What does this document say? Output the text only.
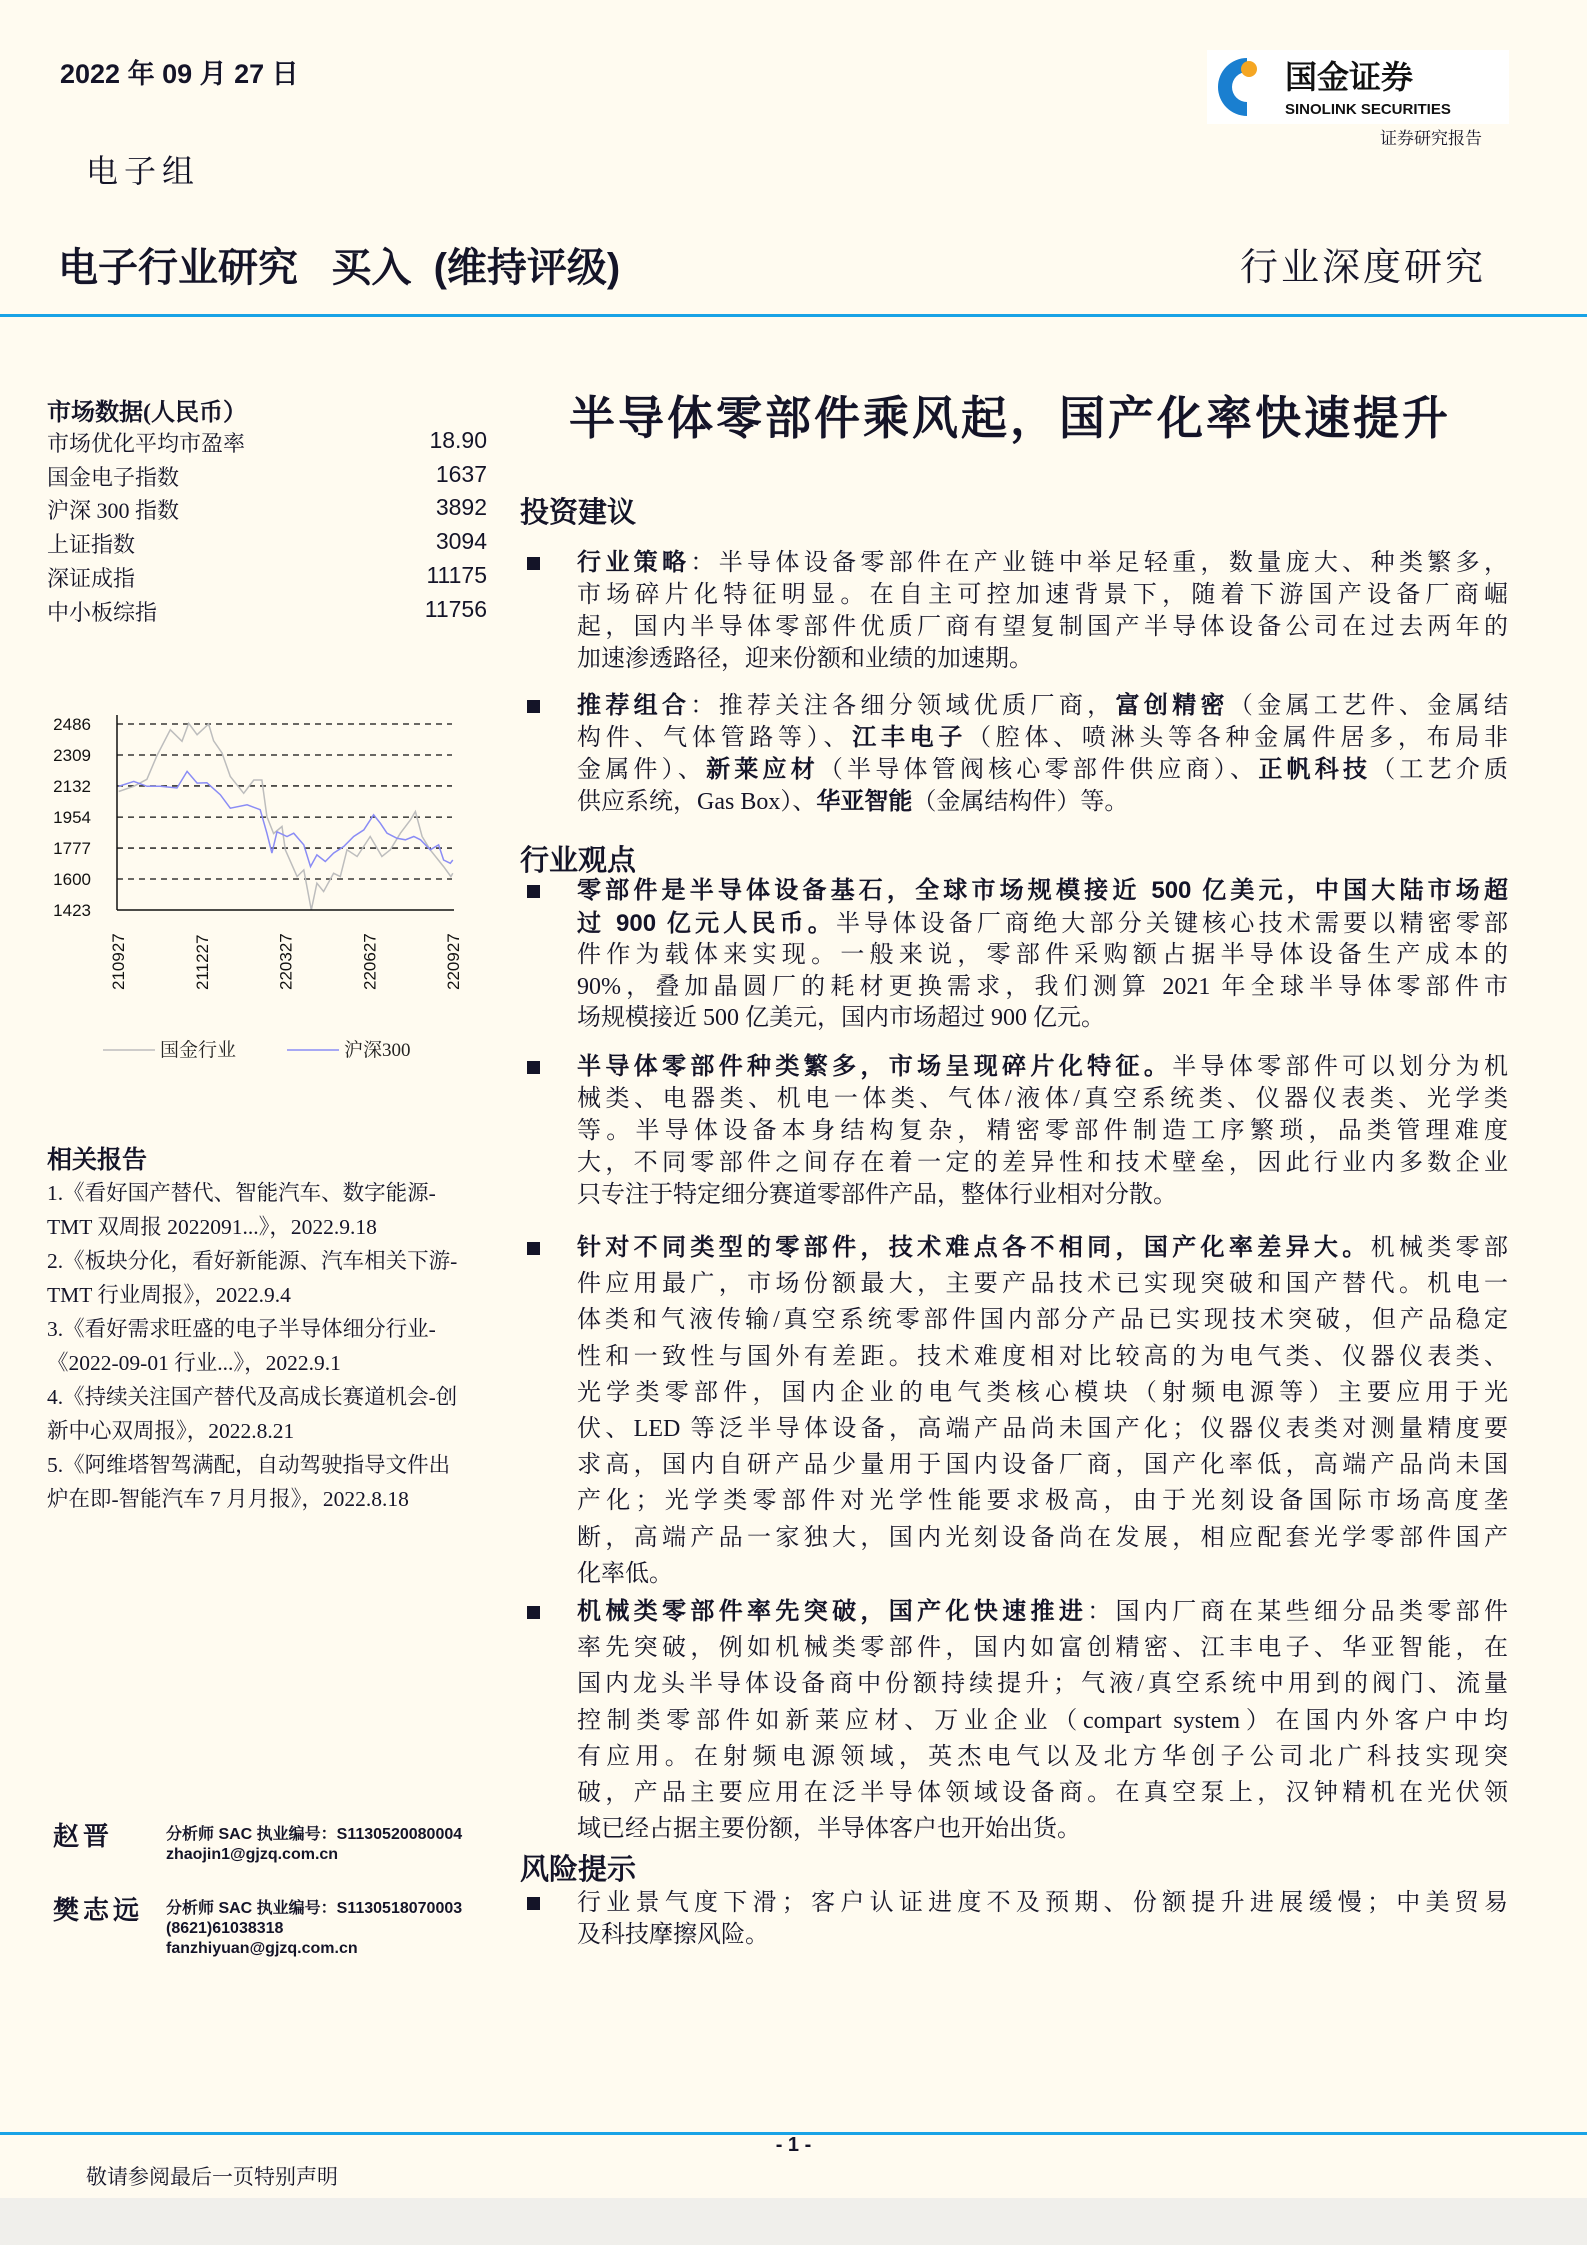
2022 年 09 月 27 日
电子组
电子行业研究   买入  (维持评级)	行业深度研究
国金证券
SINOLINK SECURITIES
证券研究报告
市场数据(人民币）
市场优化平均市盈率	18.90
国金电子指数	1637
沪深 300 指数	3892
上证指数	3094
深证成指	11175
中小板综指	11756
2486
2309
2132
1954
1777
1600
1423
国金行业	沪深300
210927	211227	220327	220627	220927
相关报告
1.《看好国产替代、智能汽车、数字能源-
TMT 双周报 2022091...》，2022.9.18
2.《板块分化，看好新能源、汽车相关下游-
TMT 行业周报》，2022.9.4
3.《看好需求旺盛的电子半导体细分行业-
《2022-09-01 行业...》，2022.9.1
4.《持续关注国产替代及高成长赛道机会-创
新中心双周报》，2022.8.21
5.《阿维塔智驾满配，自动驾驶指导文件出
炉在即-智能汽车 7 月月报》，2022.8.18
赵晋	分析师 SAC 执业编号：S1130520080004
zhaojin1@gjzq.com.cn
樊志远 分析师 SAC 执业编号：S1130518070003
(8621)61038318
fanzhiyuan@gjzq.com.cn
半导体零部件乘风起，国产化率快速提升
投资建议
行业观点
风险提示
行业策略：半导体设备零部件在产业链中举足轻重，数量庞大、种类繁多，
市场碎片化特征明显。在自主可控加速背景下，随着下游国产设备厂商崛
起，国内半导体零部件优质厂商有望复制国产半导体设备公司在过去两年的
加速渗透路径，迎来份额和业绩的加速期。
推荐组合：推荐关注各细分领域优质厂商，富创精密（金属工艺件、金属结
构件、气体管路等）、江丰电子（腔体、喷淋头等各种金属件居多，布局非
金属件）、新莱应材（半导体管阀核心零部件供应商）、正帆科技（工艺介质
供应系统，Gas Box）、华亚智能（金属结构件）等。
零部件是半导体设备基石，全球市场规模接近 500 亿美元，中国大陆市场超
过 900 亿元人民币。半导体设备厂商绝大部分关键核心技术需要以精密零部
件作为载体来实现。一般来说，零部件采购额占据半导体设备生产成本的
90%，叠加晶圆厂的耗材更换需求，我们测算 2021 年全球半导体零部件市
场规模接近 500 亿美元，国内市场超过 900 亿元。
半导体零部件种类繁多，市场呈现碎片化特征。半导体零部件可以划分为机
械类、电器类、机电一体类、气体/液体/真空系统类、仪器仪表类、光学类
等。半导体设备本身结构复杂，精密零部件制造工序繁琐，品类管理难度
大，不同零部件之间存在着一定的差异性和技术壁垒，因此行业内多数企业
只专注于特定细分赛道零部件产品，整体行业相对分散。
针对不同类型的零部件，技术难点各不相同，国产化率差异大。机械类零部
件应用最广，市场份额最大，主要产品技术已实现突破和国产替代。机电一
体类和气液传输/真空系统零部件国内部分产品已实现技术突破，但产品稳定
性和一致性与国外有差距。技术难度相对比较高的为电气类、仪器仪表类、
光学类零部件，国内企业的电气类核心模块（射频电源等）主要应用于光
伏、LED 等泛半导体设备，高端产品尚未国产化；仪器仪表类对测量精度要
求高，国内自研产品少量用于国内设备厂商，国产化率低，高端产品尚未国
产化；光学类零部件对光学性能要求极高，由于光刻设备国际市场高度垄
断，高端产品一家独大，国内光刻设备尚在发展，相应配套光学零部件国产
化率低。
机械类零部件率先突破，国产化快速推进：国内厂商在某些细分品类零部件
率先突破，例如机械类零部件，国内如富创精密、江丰电子、华亚智能，在
国内龙头半导体设备商中份额持续提升；气液/真空系统中用到的阀门、流量
控制类零部件如新莱应材、万业企业（compart system）在国内外客户中均
有应用。在射频电源领域，英杰电气以及北方华创子公司北广科技实现突
破，产品主要应用在泛半导体领域设备商。在真空泵上，汉钟精机在光伏领
域已经占据主要份额，半导体客户也开始出货。
行业景气度下滑；客户认证进度不及预期、份额提升进展缓慢；中美贸易
及科技摩擦风险。
- 1 -
敬请参阅最后一页特别声明
